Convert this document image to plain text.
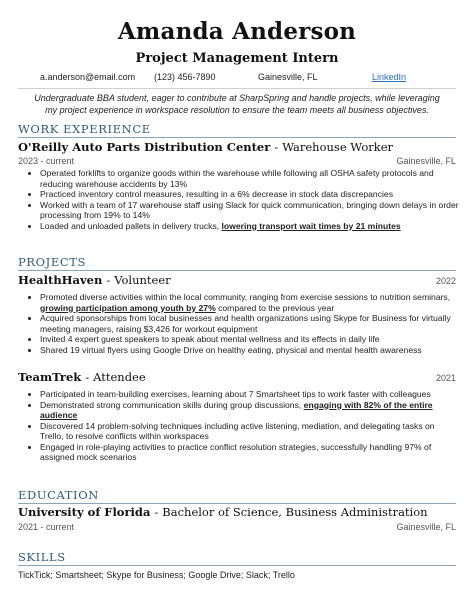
Amanda Anderson
Project Management Intern
a.anderson@email.com (123) 456-7890	Gainesville, FL	LinkedIn
Undergraduate BBA student, eager to contribute at SharpSpring and handle projects, while leveraging my project experience in workspace resolution to ensure the team meets all business objectives.
WORK EXPERIENCE
O'Reilly Auto Parts Distribution Center - Warehouse Worker
2023 - current	Gainesville, FL
• Operated forklifts to organize goods within the warehouse while following all OSHA safety protocols and reducing warehouse accidents by 13%
• Practiced inventory control measures, resulting in a 6% decrease in stock data discrepancies
• Worked with a team of 17 warehouse staff using Slack for quick communication, bringing down delays in order processing from 19% to 14%
• Loaded and unloaded pallets in delivery trucks, lowering transport wait times by 21 minutes
PROJECTS
HealthHaven - Volunteer	2022
• Promoted diverse activities within the local community, ranging from exercise sessions to nutrition seminars, growing participation among youth by 27% compared to the previous year
• Acquired sponsorships from local businesses and health organizations using Skype for Business for virtually meeting managers, raising $3,426 for workout equipment
• Invited 4 expert guest speakers to speak about mental wellness and its effects in daily life
• Shared 19 virtual flyers using Google Drive on healthy eating, physical and mental health awareness
TeamTrek - Attendee	2021
• Participated in team-building exercises, learning about 7 Smartsheet tips to work faster with colleagues
• Demonstrated strong communication skills during group discussions, engaging with 82% of the entire audience
• Discovered 14 problem-solving techniques including active listening, mediation, and delegating tasks on Trello, to resolve conflicts within workspaces
• Engaged in role-playing activities to practice conflict resolution strategies, successfully handling 97% of assigned mock scenarios
EDUCATION
University of Florida - Bachelor of Science, Business Administration
2021 - current	Gainesville, FL
SKILLS
TickTick; Smartsheet; Skype for Business; Google Drive; Slack; Trello
